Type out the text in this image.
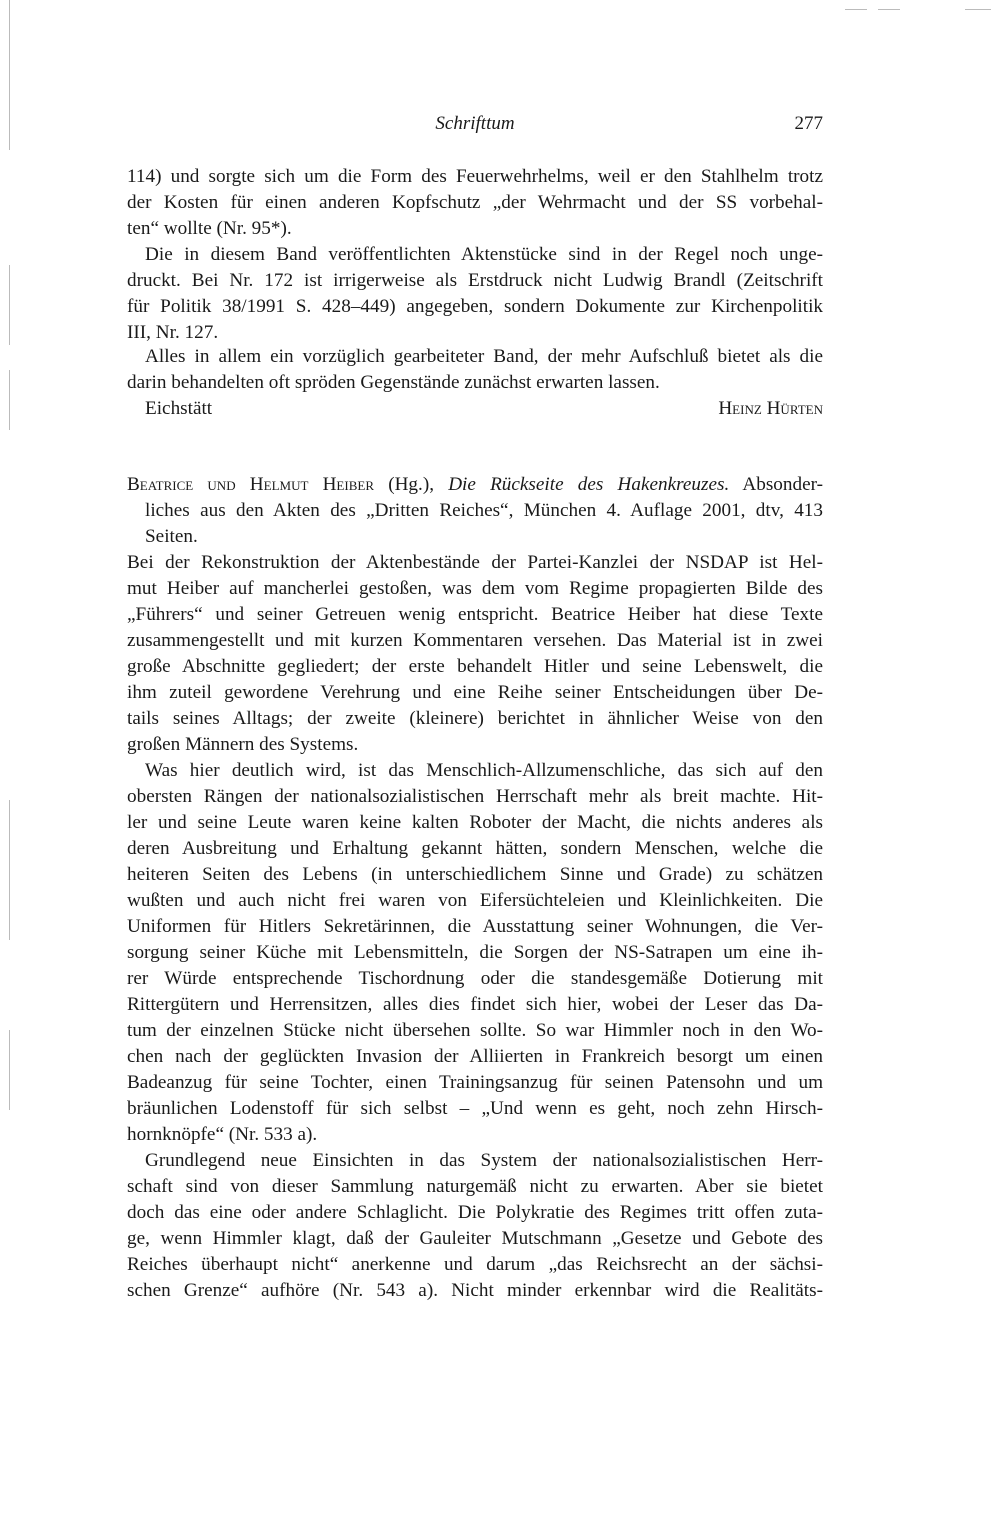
Schrifttum	277
114) und sorgte sich um die Form des Feuerwehrhelms, weil er den Stahlhelm trotz
der Kosten für einen anderen Kopfschutz „der Wehrmacht und der SS vorbehal-
ten“ wollte (Nr. 95*).
Die in diesem Band veröffentlichten Aktenstücke sind in der Regel noch unge-
druckt. Bei Nr. 172 ist irrigerweise als Erstdruck nicht Ludwig Brandl (Zeitschrift
für Politik 38/1991 S. 428–449) angegeben, sondern Dokumente zur Kirchenpolitik
III, Nr. 127.
Alles in allem ein vorzüglich gearbeiteter Band, der mehr Aufschluß bietet als die
darin behandelten oft spröden Gegenstände zunächst erwarten lassen.
Eichstätt	Heinz Hürten
Beatrice und Helmut Heiber (Hg.), Die Rückseite des Hakenkreuzes. Absonder-
liches aus den Akten des „Dritten Reiches“, München 4. Auflage 2001, dtv, 413
Seiten.
Bei der Rekonstruktion der Aktenbestände der Partei-Kanzlei der NSDAP ist Hel-
mut Heiber auf mancherlei gestoßen, was dem vom Regime propagierten Bilde des
„Führers“ und seiner Getreuen wenig entspricht. Beatrice Heiber hat diese Texte
zusammengestellt und mit kurzen Kommentaren versehen. Das Material ist in zwei
große Abschnitte gegliedert; der erste behandelt Hitler und seine Lebenswelt, die
ihm zuteil gewordene Verehrung und eine Reihe seiner Entscheidungen über De-
tails seines Alltags; der zweite (kleinere) berichtet in ähnlicher Weise von den
großen Männern des Systems.
Was hier deutlich wird, ist das Menschlich-Allzumenschliche, das sich auf den
obersten Rängen der nationalsozialistischen Herrschaft mehr als breit machte. Hit-
ler und seine Leute waren keine kalten Roboter der Macht, die nichts anderes als
deren Ausbreitung und Erhaltung gekannt hätten, sondern Menschen, welche die
heiteren Seiten des Lebens (in unterschiedlichem Sinne und Grade) zu schätzen
wußten und auch nicht frei waren von Eifersüchteleien und Kleinlichkeiten. Die
Uniformen für Hitlers Sekretärinnen, die Ausstattung seiner Wohnungen, die Ver-
sorgung seiner Küche mit Lebensmitteln, die Sorgen der NS-Satrapen um eine ih-
rer Würde entsprechende Tischordnung oder die standesgemäße Dotierung mit
Rittergütern und Herrensitzen, alles dies findet sich hier, wobei der Leser das Da-
tum der einzelnen Stücke nicht übersehen sollte. So war Himmler noch in den Wo-
chen nach der geglückten Invasion der Alliierten in Frankreich besorgt um einen
Badeanzug für seine Tochter, einen Trainingsanzug für seinen Patensohn und um
bräunlichen Lodenstoff für sich selbst – „Und wenn es geht, noch zehn Hirsch-
hornknöpfe“ (Nr. 533 a).
Grundlegend neue Einsichten in das System der nationalsozialistischen Herr-
schaft sind von dieser Sammlung naturgemäß nicht zu erwarten. Aber sie bietet
doch das eine oder andere Schlaglicht. Die Polykratie des Regimes tritt offen zuta-
ge, wenn Himmler klagt, daß der Gauleiter Mutschmann „Gesetze und Gebote des
Reiches überhaupt nicht“ anerkenne und darum „das Reichsrecht an der sächsi-
schen Grenze“ aufhöre (Nr. 543 a). Nicht minder erkennbar wird die Realitäts-
